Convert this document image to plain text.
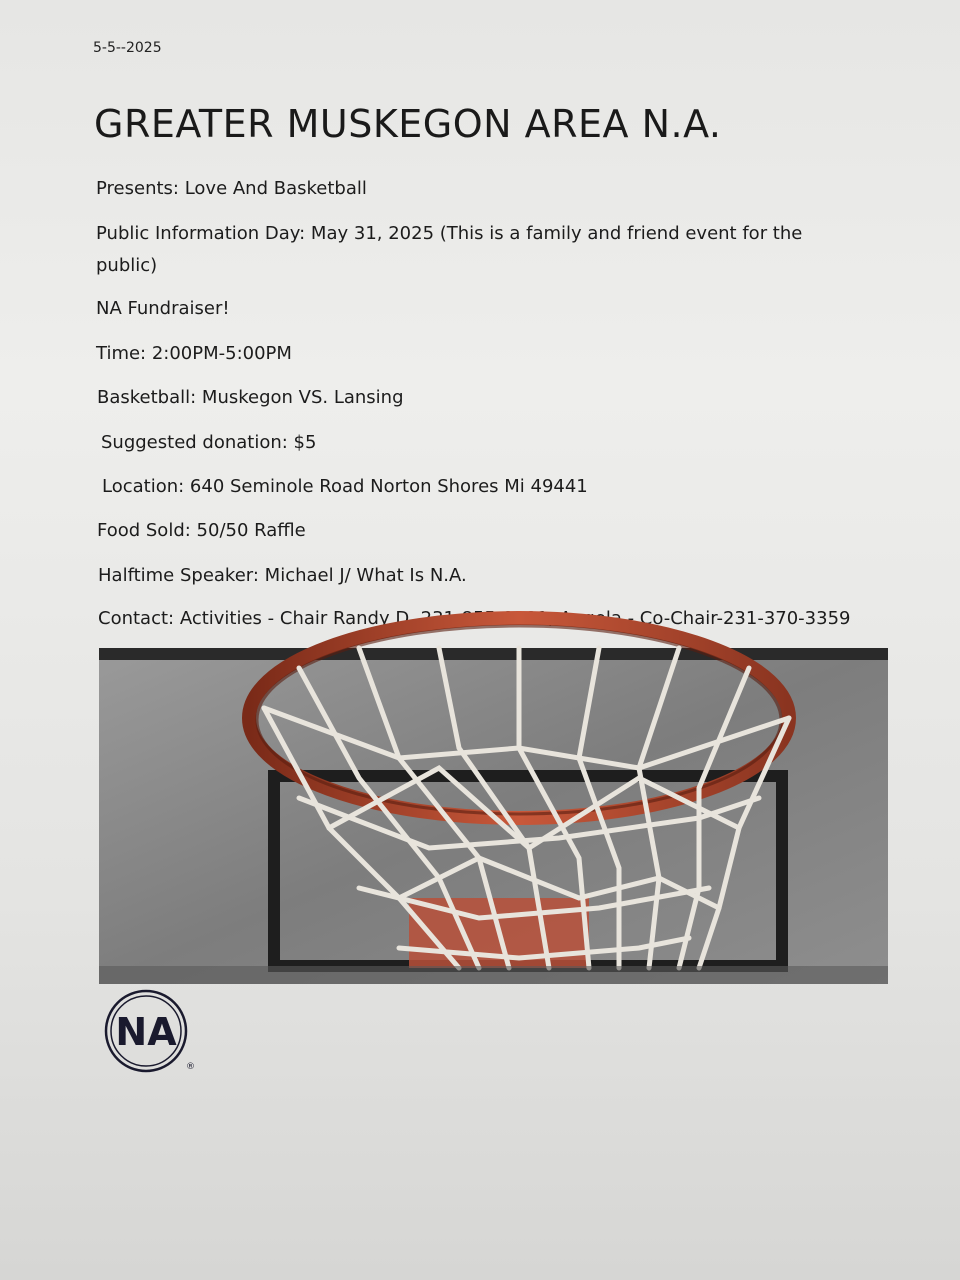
5-5--2025
GREATER MUSKEGON AREA N.A.

Presents: Love And Basketball

Public Information Day: May 31, 2025 (This is a family and friend event for the public)

NA Fundraiser!

Time: 2:00PM-5:00PM

Basketball: Muskegon VS. Lansing

Suggested donation: $5

Location: 640 Seminole Road Norton Shores Mi 49441

Food Sold: 50/50 Raffle

Halftime Speaker: Michael J/ What Is N.A.

Contact: Activities - Chair Randy D. 231-855-0381, Angela - Co-Chair-231-370-3359

NA
®
